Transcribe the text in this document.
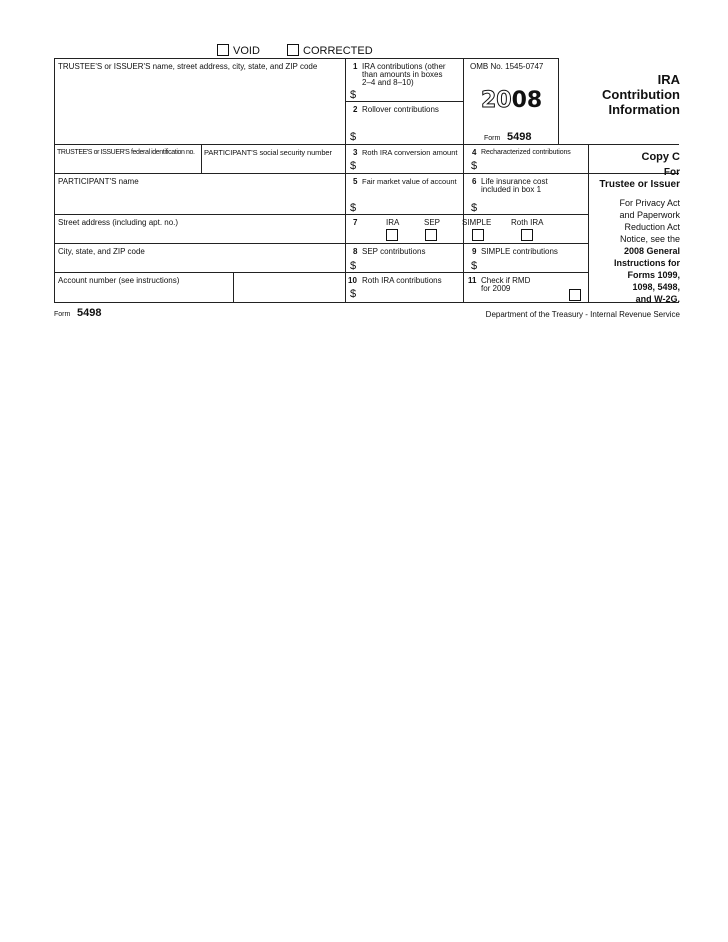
VOID	CORRECTED
TRUSTEE'S or ISSUER'S name, street address, city, state, and ZIP code
TRUSTEE'S or ISSUER'S federal identification no. PARTICIPANT'S social security number
PARTICIPANT'S name
Street address (including apt. no.)
City, state, and ZIP code
Account number (see instructions)
1 IRA contributions (other
than amounts in boxes
2–4 and 8–10)
$
2 Rollover contributions
$
OMB No. 1545-0747
2008
Form 5498
IRA
Contribution
Information
3 Roth IRA conversion amount
$
4 Recharacterized contributions
$
5 Fair market value of account
$
6 Life insurance cost
included in box 1
$
7	IRA	SEP	SIMPLE Roth IRA
8 SEP contributions
$
9 SIMPLE contributions
$
10 Roth IRA contributions
$
11 Check if RMD
for 2009
Copy C
For
Trustee or Issuer
For Privacy Act
and Paperwork
Reduction Act
Notice, see the
2008 General
Instructions for
Forms 1099,
1098, 5498,
and W-2G.
Form 5498	Department of the Treasury - Internal Revenue Service
